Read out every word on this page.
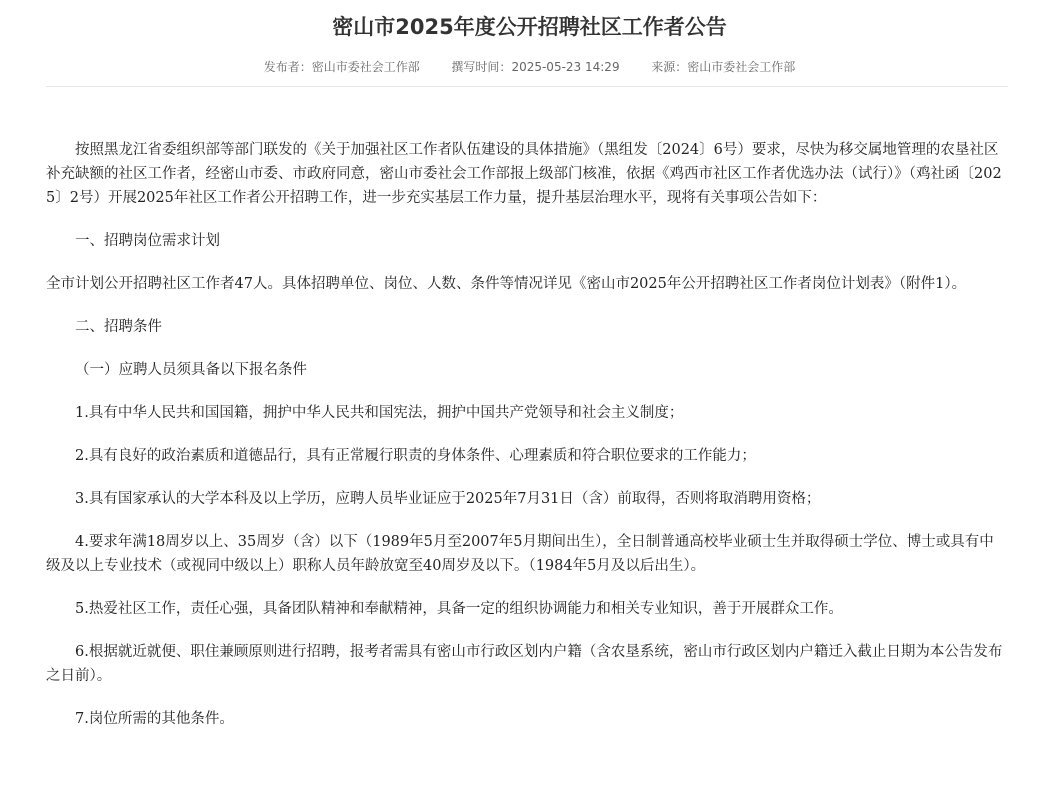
密山市2025年度公开招聘社区工作者公告
发布者：密山市委社会工作部	撰写时间：2025-05-23 14:29	来源：密山市委社会工作部

按照黑龙江省委组织部等部门联发的《关于加强社区工作者队伍建设的具体措施》（黑组发〔2024〕6号）要求，尽快为移交属地管理的农垦社区补充缺额的社区工作者，经密山市委、市政府同意，密山市委社会工作部报上级部门核准，依据《鸡西市社区工作者优选办法（试行）》（鸡社函〔2025〕2号）开展2025年社区工作者公开招聘工作，进一步充实基层工作力量，提升基层治理水平，现将有关事项公告如下：

一、招聘岗位需求计划

全市计划公开招聘社区工作者47人。具体招聘单位、岗位、人数、条件等情况详见《密山市2025年公开招聘社区工作者岗位计划表》（附件1）。

二、招聘条件

（一）应聘人员须具备以下报名条件

1.具有中华人民共和国国籍，拥护中华人民共和国宪法，拥护中国共产党领导和社会主义制度；

2.具有良好的政治素质和道德品行，具有正常履行职责的身体条件、心理素质和符合职位要求的工作能力；

3.具有国家承认的大学本科及以上学历，应聘人员毕业证应于2025年7月31日（含）前取得，否则将取消聘用资格；

4.要求年满18周岁以上、35周岁（含）以下（1989年5月至2007年5月期间出生），全日制普通高校毕业硕士生并取得硕士学位、博士或具有中级及以上专业技术（或视同中级以上）职称人员年龄放宽至40周岁及以下。（1984年5月及以后出生）。

5.热爱社区工作，责任心强，具备团队精神和奉献精神，具备一定的组织协调能力和相关专业知识，善于开展群众工作。

6.根据就近就便、职住兼顾原则进行招聘，报考者需具有密山市行政区划内户籍（含农垦系统，密山市行政区划内户籍迁入截止日期为本公告发布之日前）。

7.岗位所需的其他条件。
